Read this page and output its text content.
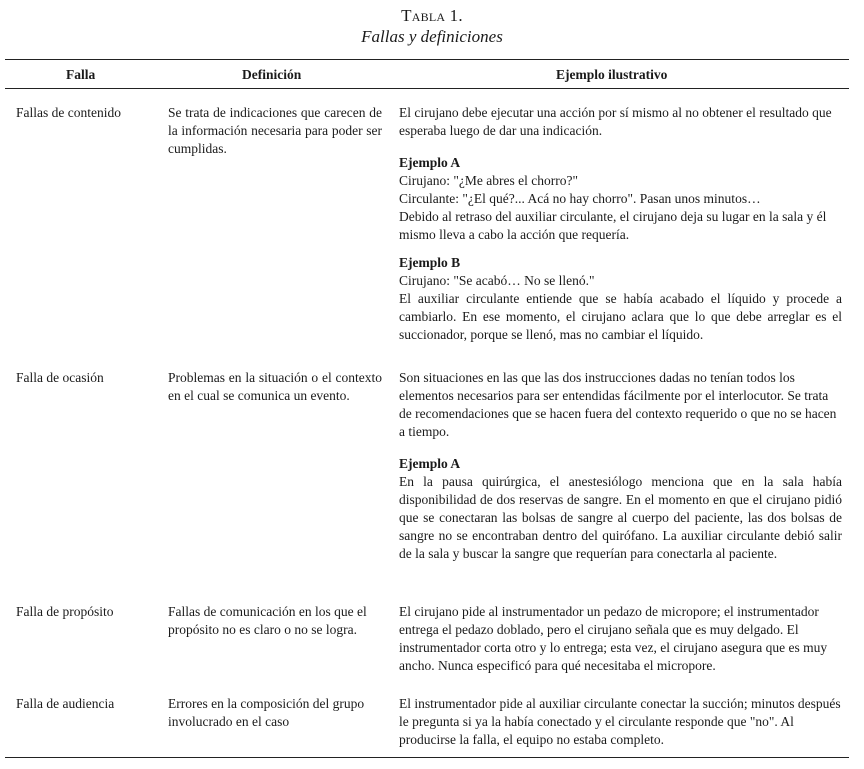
Tabla 1.
Fallas y definiciones
Falla	Definición	Ejemplo ilustrativo
Fallas de contenido	Se trata de indicaciones que carecen de la información necesaria para poder ser cumplidas.
El cirujano debe ejecutar una acción por sí mismo al no obtener el resultado que esperaba luego de dar una indicación.
Ejemplo A
Cirujano: "¿Me abres el chorro?"
Circulante: "¿El qué?... Acá no hay chorro". Pasan unos minutos…
Debido al retraso del auxiliar circulante, el cirujano deja su lugar en la sala y él mismo lleva a cabo la acción que requería.
Ejemplo B
Cirujano: "Se acabó… No se llenó."
El auxiliar circulante entiende que se había acabado el líquido y procede a cambiarlo. En ese momento, el cirujano aclara que lo que debe arreglar es el succionador, porque se llenó, mas no cambiar el líquido.
Falla de ocasión	Problemas en la situación o el contexto en el cual se comunica un evento.
Son situaciones en las que las dos instrucciones dadas no tenían todos los elementos necesarios para ser entendidas fácilmente por el interlocutor. Se trata de recomendaciones que se hacen fuera del contexto requerido o que no se hacen a tiempo.
Ejemplo A
En la pausa quirúrgica, el anestesiólogo menciona que en la sala había disponibilidad de dos reservas de sangre. En el momento en que el cirujano pidió que se conectaran las bolsas de sangre al cuerpo del paciente, las dos bolsas de sangre no se encontraban dentro del quirófano. La auxiliar circulante debió salir de la sala y buscar la sangre que requerían para conectarla al paciente.
Falla de propósito	Fallas de comunicación en los que el propósito no es claro o no se logra.
El cirujano pide al instrumentador un pedazo de micropore; el instrumentador entrega el pedazo doblado, pero el cirujano señala que es muy delgado. El instrumentador corta otro y lo entrega; esta vez, el cirujano asegura que es muy ancho. Nunca especificó para qué necesitaba el micropore.
Falla de audiencia	Errores en la composición del grupo involucrado en el caso
El instrumentador pide al auxiliar circulante conectar la succión; minutos después le pregunta si ya la había conectado y el circulante responde que "no". Al producirse la falla, el equipo no estaba completo.
